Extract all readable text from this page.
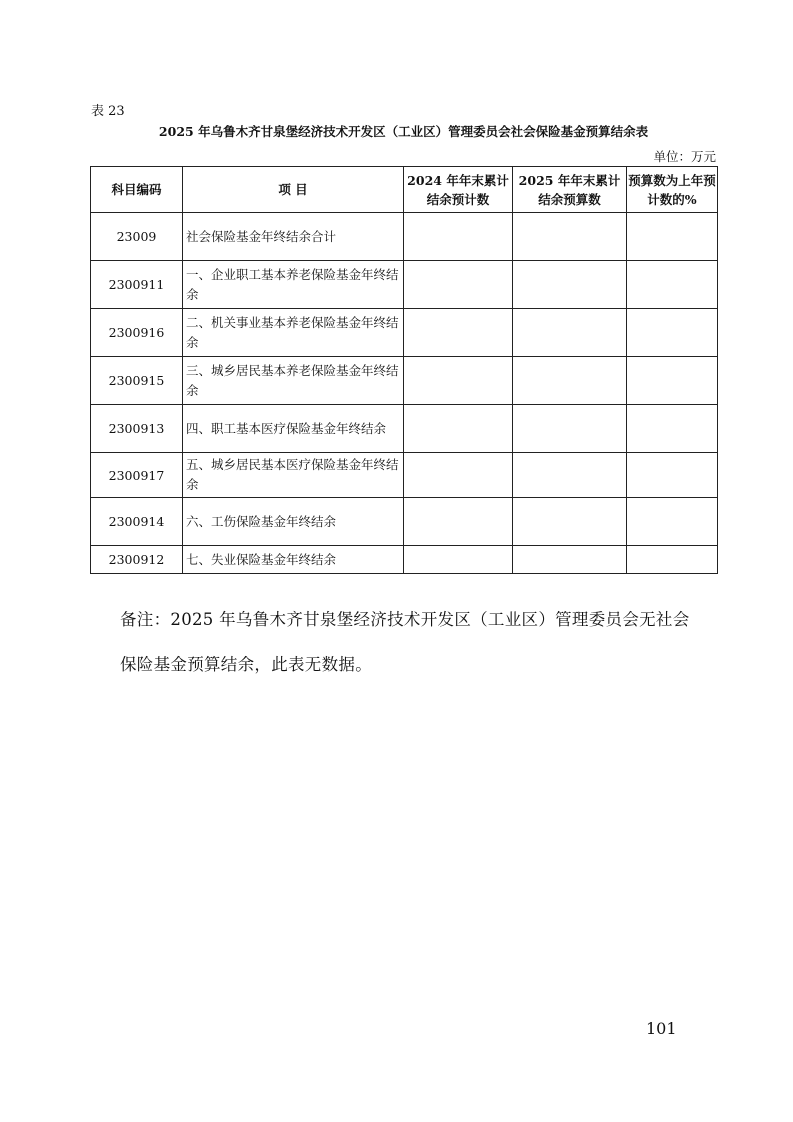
表 23
2025 年乌鲁木齐甘泉堡经济技术开发区（工业区）管理委员会社会保险基金预算结余表
单位：万元
科目编码	项 目	2024 年年末累计结余预计数	2025 年年末累计结余预算数	预算数为上年预计数的%
23009	社会保险基金年终结余合计			
2300911	一、企业职工基本养老保险基金年终结余			
2300916	二、机关事业基本养老保险基金年终结余			
2300915	三、城乡居民基本养老保险基金年终结余			
2300913	四、职工基本医疗保险基金年终结余			
2300917	五、城乡居民基本医疗保险基金年终结余			
2300914	六、工伤保险基金年终结余			
2300912	七、失业保险基金年终结余			
备注：2025 年乌鲁木齐甘泉堡经济技术开发区（工业区）管理委员会无社会保险基金预算结余，此表无数据。
101
